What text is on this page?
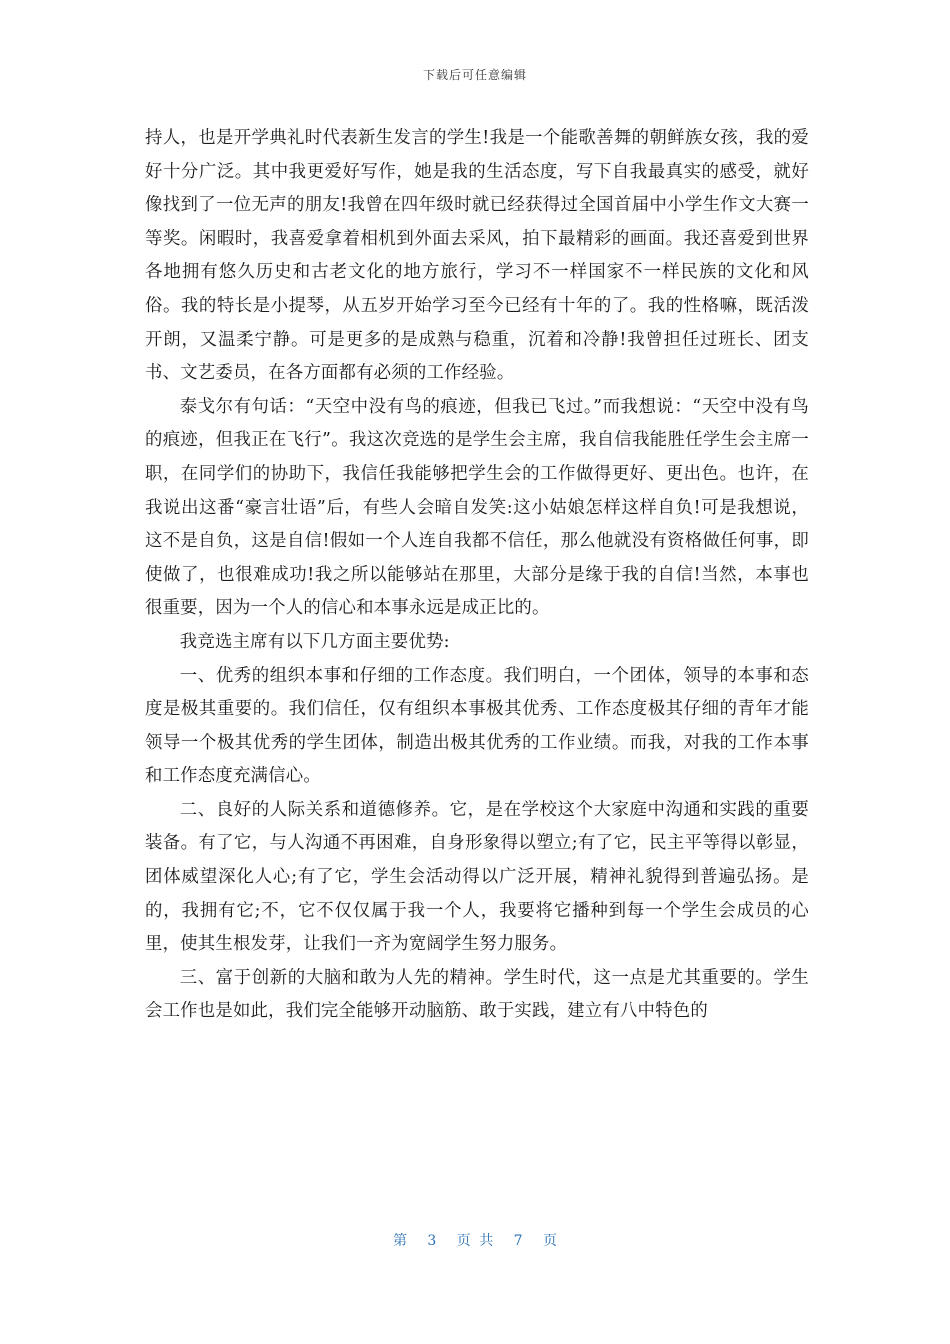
下载后可任意编辑

持人，也是开学典礼时代表新生发言的学生!我是一个能歌善舞的朝鲜族女孩，我的爱好十分广泛。其中我更爱好写作，她是我的生活态度，写下自我最真实的感受，就好像找到了一位无声的朋友!我曾在四年级时就已经获得过全国首届中小学生作文大赛一等奖。闲暇时，我喜爱拿着相机到外面去采风，拍下最精彩的画面。我还喜爱到世界各地拥有悠久历史和古老文化的地方旅行，学习不一样国家不一样民族的文化和风俗。我的特长是小提琴，从五岁开始学习至今已经有十年的了。我的性格嘛，既活泼开朗，又温柔宁静。可是更多的是成熟与稳重，沉着和冷静!我曾担任过班长、团支书、文艺委员，在各方面都有必须的工作经验。

泰戈尔有句话：“天空中没有鸟的痕迹，但我已飞过。”而我想说：“天空中没有鸟的痕迹，但我正在飞行”。我这次竞选的是学生会主席，我自信我能胜任学生会主席一职，在同学们的协助下，我信任我能够把学生会的工作做得更好、更出色。也许，在我说出这番“豪言壮语”后，有些人会暗自发笑:这小姑娘怎样这样自负!可是我想说，这不是自负，这是自信!假如一个人连自我都不信任，那么他就没有资格做任何事，即使做了，也很难成功!我之所以能够站在那里，大部分是缘于我的自信!当然，本事也很重要，因为一个人的信心和本事永远是成正比的。

我竞选主席有以下几方面主要优势:

一、优秀的组织本事和仔细的工作态度。我们明白，一个团体，领导的本事和态度是极其重要的。我们信任，仅有组织本事极其优秀、工作态度极其仔细的青年才能领导一个极其优秀的学生团体，制造出极其优秀的工作业绩。而我，对我的工作本事和工作态度充满信心。

二、良好的人际关系和道德修养。它，是在学校这个大家庭中沟通和实践的重要装备。有了它，与人沟通不再困难，自身形象得以塑立;有了它，民主平等得以彰显，团体威望深化人心;有了它，学生会活动得以广泛开展，精神礼貌得到普遍弘扬。是的，我拥有它;不，它不仅仅属于我一个人，我要将它播种到每一个学生会成员的心里，使其生根发芽，让我们一齐为宽阔学生努力服务。

三、富于创新的大脑和敢为人先的精神。学生时代，这一点是尤其重要的。学生会工作也是如此，我们完全能够开动脑筋、敢于实践，建立有八中特色的

第 3 页 共 7 页
